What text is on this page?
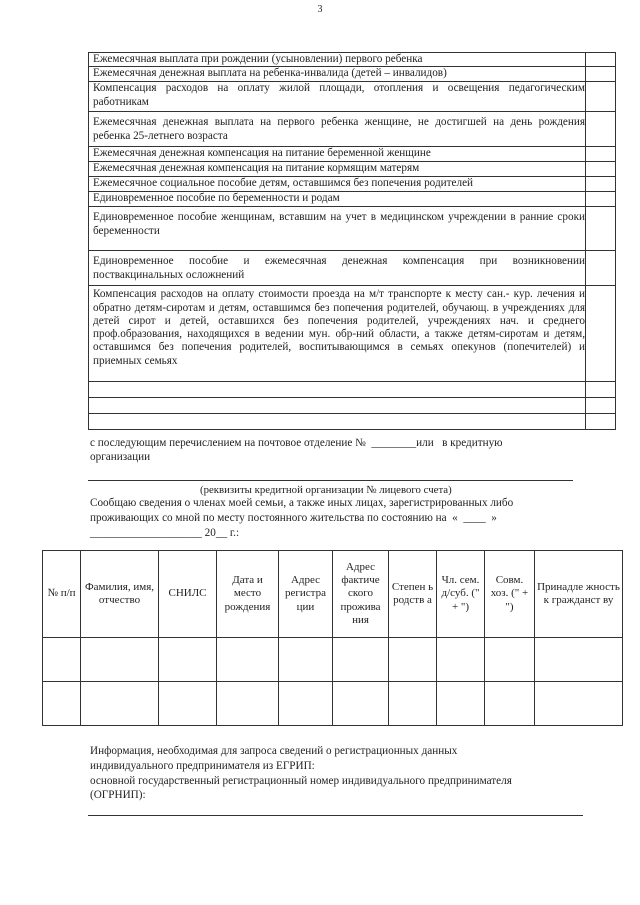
3
Ежемесячная выплата при рождении (усыновлении) первого ребенка	
Ежемесячная денежная выплата на ребенка-инвалида (детей – инвалидов)	
Компенсация расходов на оплату жилой площади, отопления и освещения педагогическим работникам	
Ежемесячная денежная выплата на первого ребенка женщине, не достигшей на день рождения ребенка 25-летнего возраста	
Ежемесячная денежная компенсация на питание беременной женщине	
Ежемесячная денежная компенсация на питание кормящим матерям	
Ежемесячное социальное пособие детям, оставшимся без попечения родителей	
Единовременное пособие по беременности и родам	
Единовременное пособие женщинам, вставшим на учет в медицинском учреждении в ранние сроки беременности	
Единовременное пособие и ежемесячная денежная компенсация при возникновении поствакцинальных осложнений	
Компенсация расходов на оплату стоимости проезда на м/т транспорте к месту сан.- кур. лечения и обратно детям-сиротам и детям, оставшимся без попечения родителей, обучающ. в учреждениях для детей сирот и детей, оставшихся без попечения родителей, учреждениях нач. и среднего проф.образования, находящихся в ведении мун. обр-ний области, а также детям-сиротам и детям, оставшимся без попечения родителей, воспитывающимся в семьях опекунов (попечителей) и приемных семьях	

с последующим перечислением на почтовое отделение №  ________или   в кредитную
организации
(реквизиты кредитной организации № лицевого счета)
Сообщаю сведения о членах моей семьи, а также иных лицах, зарегистрированных либо
проживающих со мной по месту постоянного жительства по состоянию на  «  ____  »
____________________ 20__ г.:
№ п/п	Фамилия, имя, отчество	СНИЛС	Дата и место рождения	Адрес регистра ции	Адрес фактиче ского прожива ния	Степен ь родств а	Чл. сем. д/суб. (" + ")	Совм. хоз. (" + ")	Принадле жность к гражданст ву

Информация, необходимая для запроса сведений о регистрационных данных
индивидуального предпринимателя из ЕГРИП:
основной государственный регистрационный номер индивидуального предпринимателя
(ОГРНИП):
